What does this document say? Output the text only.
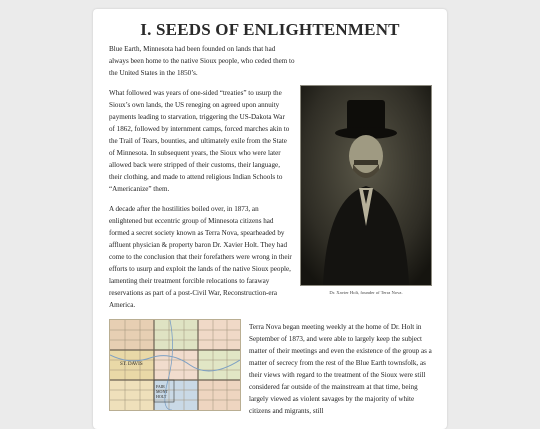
I. SEEDS OF ENLIGHTENMENT

Blue Earth, Minnesota had been founded on lands that had always been home to the native Sioux people, who ceded them to the United States in the 1850’s.

Dr. Xavier Holt, founder of Terra Nova.

What followed was years of one-sided “treaties” to usurp the Sioux’s own lands, the US reneging on agreed upon annuity payments leading to starvation, triggering the US-Dakota War of 1862, followed by internment camps, forced marches akin to the Trail of Tears, bounties, and ultimately exile from the State of Minnesota. In subsequent years, the Sioux who were later allowed back were stripped of their customs, their language, their clothing, and made to attend religious Indian Schools to “Americanize” them.

A decade after the hostilities boiled over, in 1873, an enlightened but eccentric group of Minnesota citizens had formed a secret society known as Terra Nova, spearheaded by affluent physician & property baron Dr. Xavier Holt. They had come to the conclusion that their forefathers were wrong in their efforts to usurp and exploit the lands of the native Sioux people, lamenting their treatment forcible relocations to faraway reservations as part of a post-Civil War, Reconstruction-era America.

ST. DAVIS
FAIR
MONT
HOLT

Terra Nova began meeting weekly at the home of Dr. Holt in September of 1873, and were able to largely keep the subject matter of their meetings and even the existence of the group as a matter of secrecy from the rest of the Blue Earth townsfolk, as their views with regard to the treatment of the Sioux were still considered far outside of the mainstream at that time, being largely viewed as violent savages by the majority of white citizens and migrants, still
